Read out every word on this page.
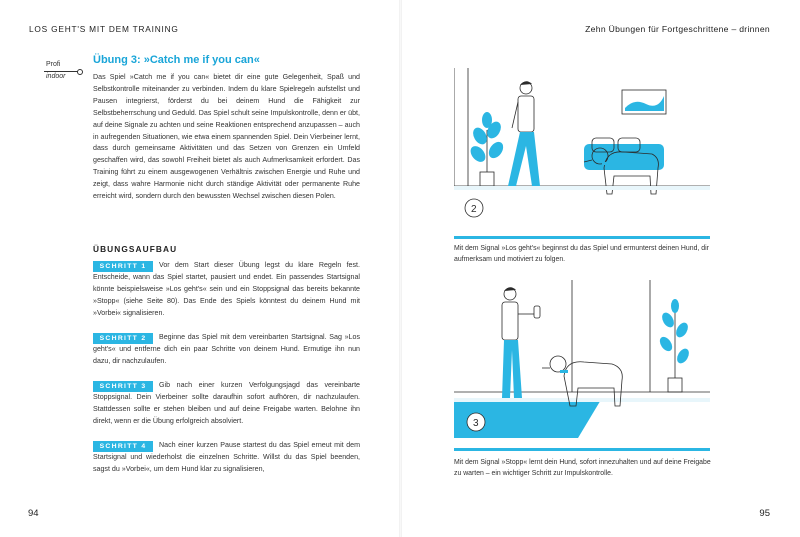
LOS GEHT'S MIT DEM TRAINING	Zehn Übungen für Fortgeschrittene – drinnen
Profi
indoor
Übung 3: »Catch me if you can«

Das Spiel »Catch me if you can« bietet dir eine gute Gelegenheit, Spaß und Selbstkontrolle miteinander zu verbinden. Indem du klare Spielregeln aufstellst und Pausen integrierst, förderst du bei deinem Hund die Fähigkeit zur Selbstbeherrschung und Geduld. Das Spiel schult seine Impulskontrolle, denn er übt, auf deine Signale zu achten und seine Reaktionen entsprechend anzupassen – auch in aufregenden Situationen, wie etwa einem spannenden Spiel. Dein Vierbeiner lernt, dass durch gemeinsame Aktivitäten und das Setzen von Grenzen ein Umfeld geschaffen wird, das sowohl Freiheit bietet als auch Aufmerksamkeit erfordert. Das Training führt zu einem ausgewogenen Verhältnis zwischen Energie und Ruhe und zeigt, dass wahre Harmonie nicht durch ständige Aktivität oder permanente Ruhe erreicht wird, sondern durch den bewussten Wechsel zwischen diesen Polen.

ÜBUNGSAUFBAU
SCHRITT 1	Vor dem Start dieser Übung legst du klare Regeln fest. Entscheide, wann das Spiel startet, pausiert und endet. Ein passendes Startsignal könnte beispielsweise »Los geht's« sein und ein Stoppsignal das bereits bekannte »Stopp« (siehe Seite 80). Das Ende des Spiels könntest du deinem Hund mit »Vorbei« signalisieren.

SCHRITT 2	Beginne das Spiel mit dem vereinbarten Startsignal. Sag »Los geht's« und entferne dich ein paar Schritte von deinem Hund. Ermutige ihn nun dazu, dir nachzulaufen.

SCHRITT 3	Gib nach einer kurzen Verfolgungsjagd das vereinbarte Stoppsignal. Dein Vierbeiner sollte daraufhin sofort aufhören, dir nachzulaufen. Stattdessen sollte er stehen bleiben und auf deine Freigabe warten. Belohne ihn direkt, wenn er die Übung erfolgreich absolviert.

SCHRITT 4	Nach einer kurzen Pause startest du das Spiel erneut mit dem Startsignal und wiederholst die einzelnen Schritte. Willst du das Spiel beenden, sagst du »Vorbei«, um dem Hund klar zu signalisieren,

94
2

Mit dem Signal »Los geht's« beginnst du das Spiel und ermunterst deinen Hund, dir aufmerksam und motiviert zu folgen.

3

Mit dem Signal »Stopp« lernt dein Hund, sofort innezuhalten und auf deine Freigabe zu warten – ein wichtiger Schritt zur Impulskontrolle.

95
